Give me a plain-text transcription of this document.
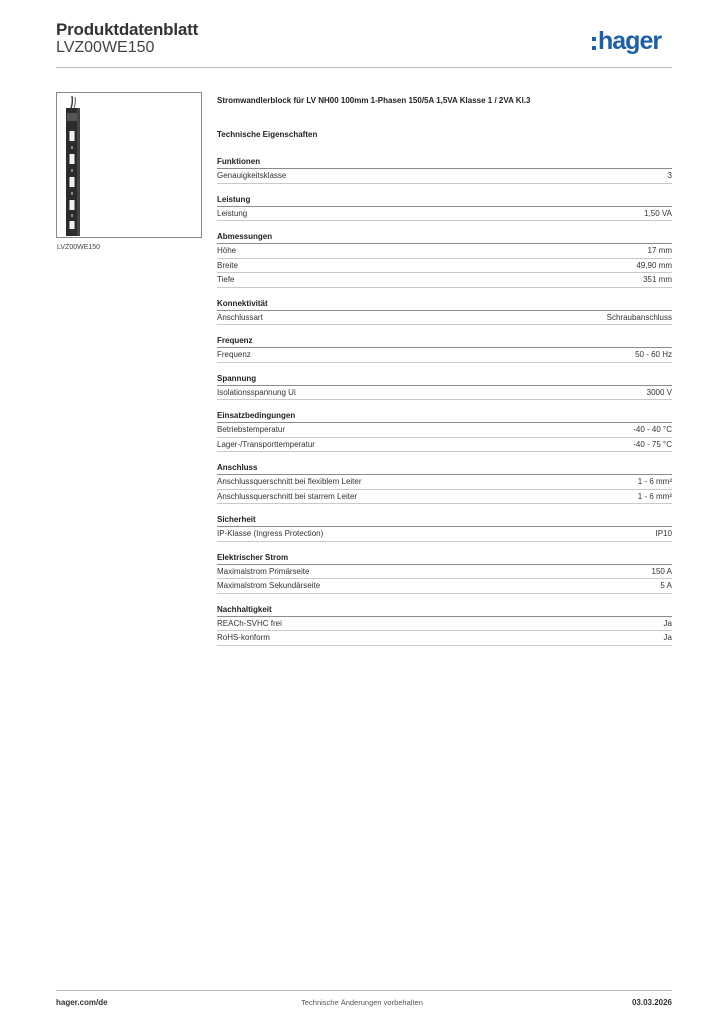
Produktdatenblatt
LVZ00WE150	hager
LVZ00WE150
Stromwandlerblock für LV NH00 100mm 1-Phasen 150/5A 1,5VA Klasse 1 / 2VA Kl.3
Technische Eigenschaften
Funktionen
Genauigkeitsklasse	3
Leistung
Leistung	1,50 VA
Abmessungen
Höhe	17 mm
Breite	49,90 mm
Tiefe	351 mm
Konnektivität
Anschlussart	Schraubanschluss
Frequenz
Frequenz	50 - 60 Hz
Spannung
Isolationsspannung Ui	3000 V
Einsatzbedingungen
Betriebstemperatur	-40 - 40 °C
Lager-/Transporttemperatur	-40 - 75 °C
Anschluss
Anschlussquerschnitt bei flexiblem Leiter	1 - 6 mm²
Anschlussquerschnitt bei starrem Leiter	1 - 6 mm²
Sicherheit
IP-Klasse (Ingress Protection)	IP10
Elektrischer Strom
Maximalstrom Primärseite	150 A
Maximalstrom Sekundärseite	5 A
Nachhaltigkeit
REACh-SVHC frei	Ja
RoHS-konform	Ja
hager.com/de	Technische Änderungen vorbehalten	03.03.2026
